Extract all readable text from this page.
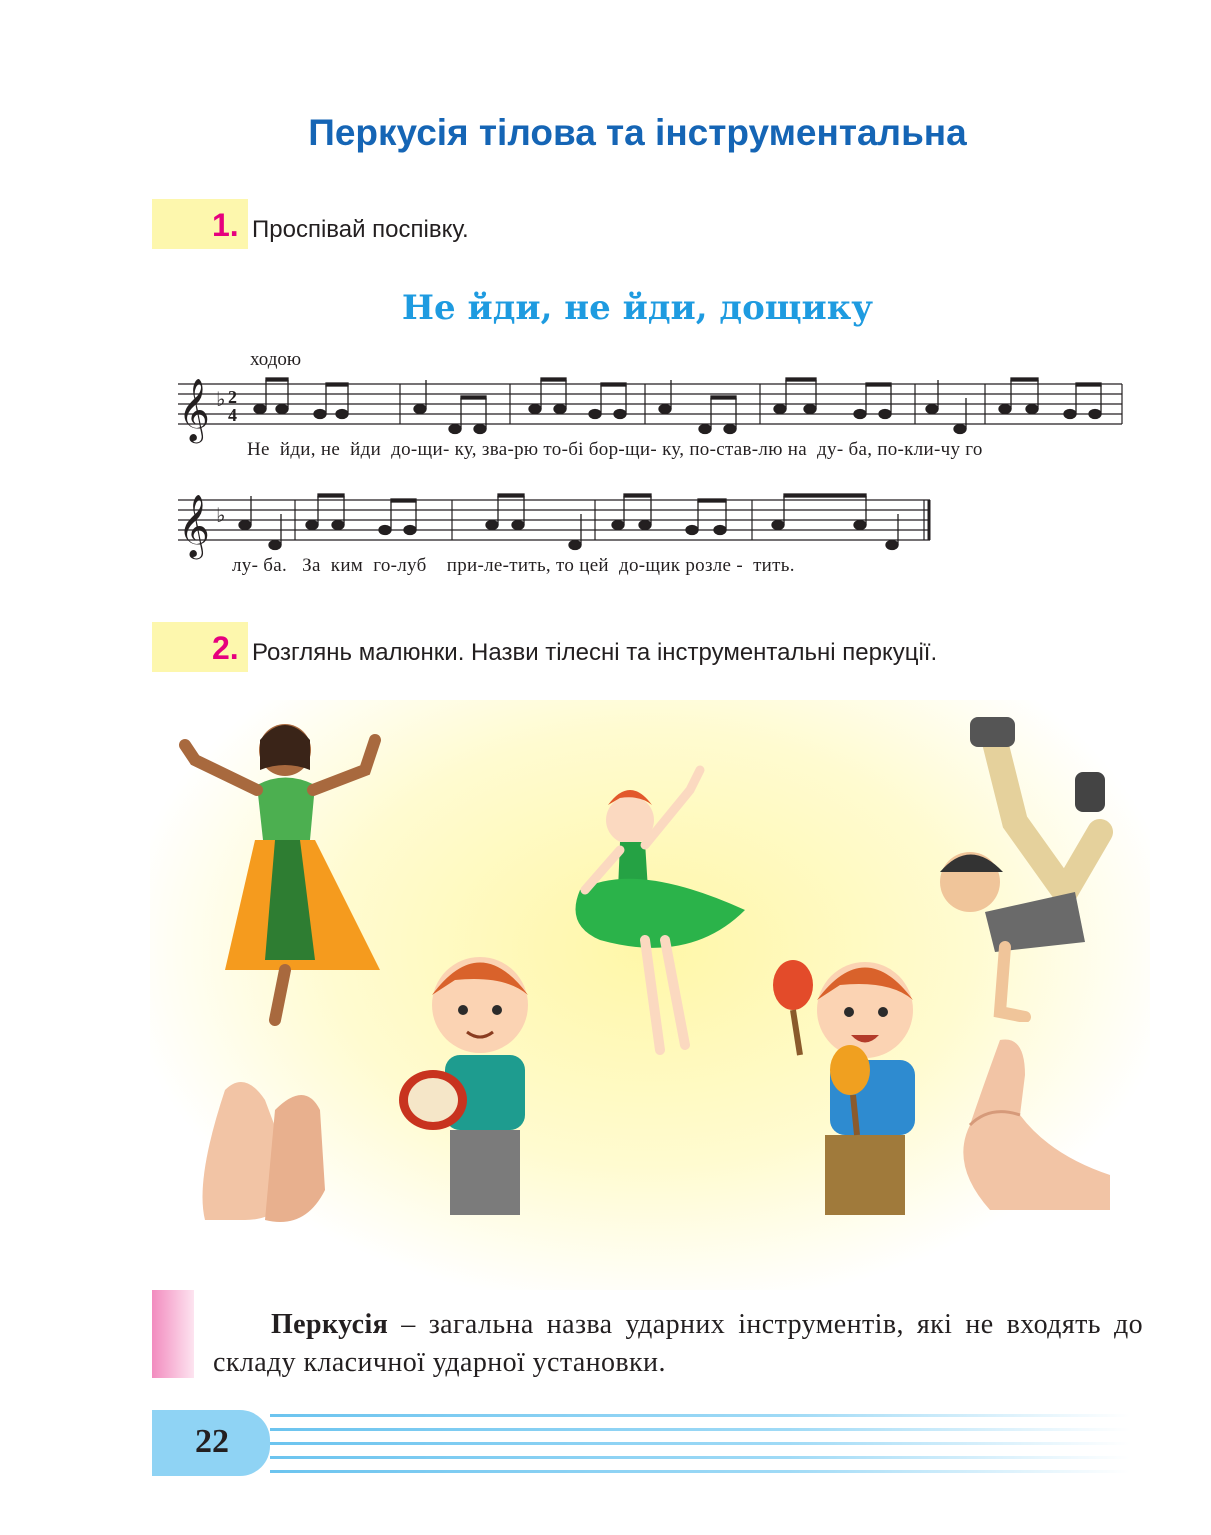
Перкусія тілова та інструментальна
1. Проспівай поспівку.
Не йди, не йди, дощику
ходою
𝄞 ♭ 2
4
Не  йди, не  йди  до-щи- ку, зва-рю то-бі бор-щи- ку, по-став-лю на  ду- ба, по-кли-чу го
𝄞 ♭
лу- ба.   За  ким  го-луб    при-ле-тить, то цей  до-щик розле -  тить.
2. Розглянь малюнки. Назви тілесні та інструментальні перкуції.
Перкусія – загальна назва ударних інструментів, які не входять до складу класичної ударної установки.
22
